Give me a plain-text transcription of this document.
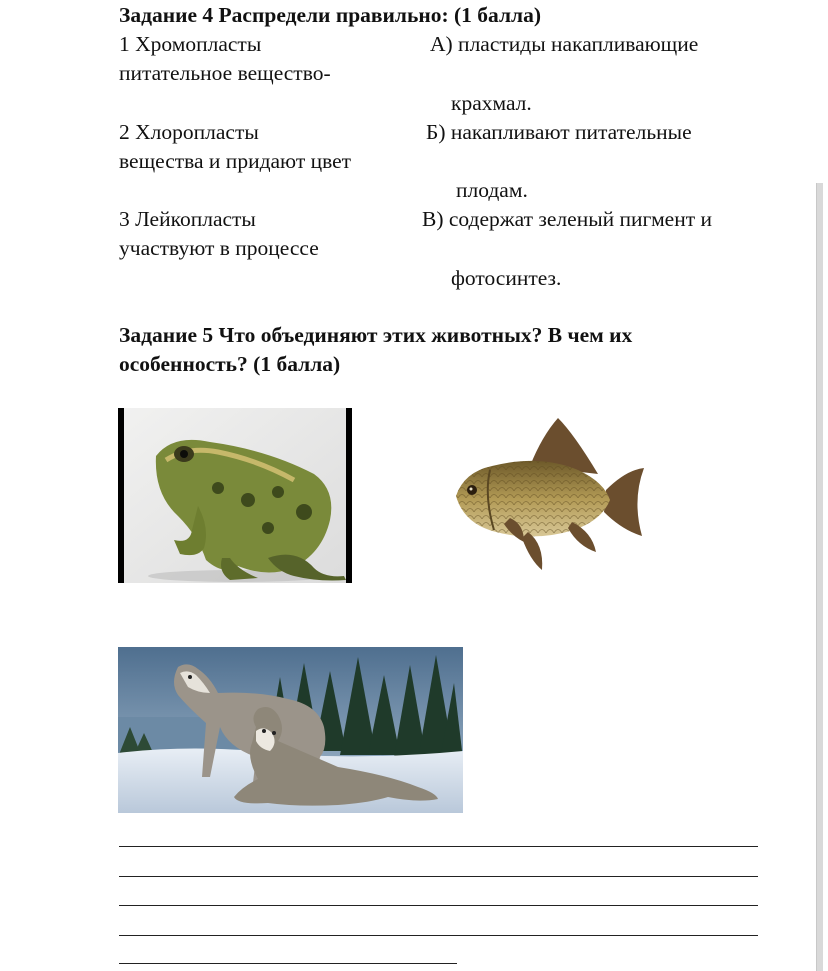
Задание 4 Распредели правильно: (1 балла)
1 Хромопласты	А) пластиды накапливающие
питательное вещество-
крахмал.
2 Хлоропласты	Б) накапливают питательные
вещества и придают цвет
плодам.
3 Лейкопласты	В) содержат зеленый пигмент и
участвуют в процессе
фотосинтез.
Задание 5 Что объединяют этих животных? В чем их
особенность? (1 балла)
